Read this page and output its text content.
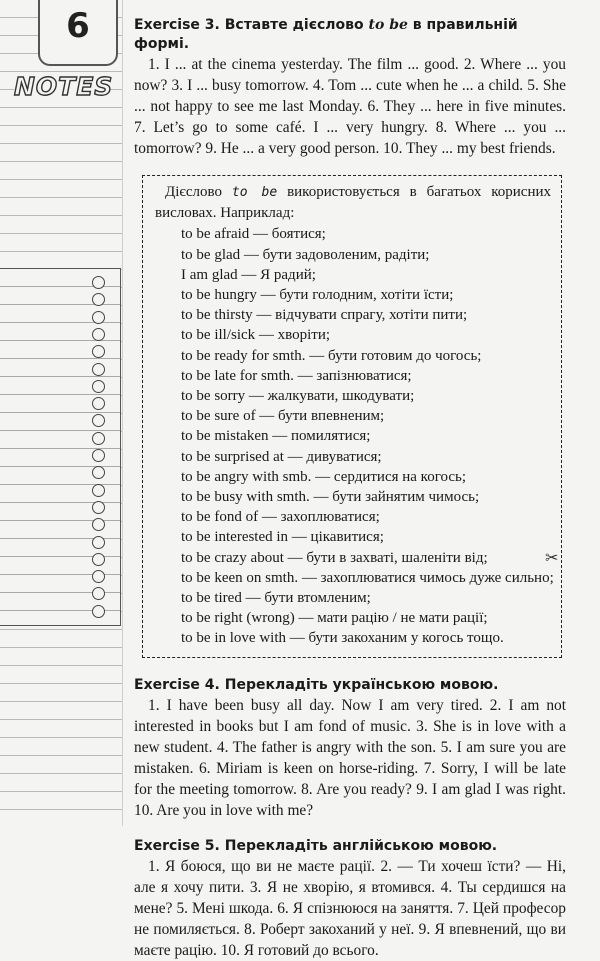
6
NOTES
✂

Exercise 3. Вставте дієслово to be в правильній формі.

1. I ... at the cinema yesterday. The film ... good. 2. Where ... you now? 3. I ... busy tomorrow. 4. Tom ... cute when he ... a child. 5. She ... not happy to see me last Monday. 6. They ... here in five minutes. 7. Let’s go to some café. I ... very hungry. 8. Where ... you ... tomorrow? 9. He ... a very good person. 10. They ... my best friends.

Дієслово to be використовується в багатьох корисних висловах. Наприклад:

to be afraid — боятися;
to be glad — бути задоволеним, радіти;
I am glad — Я радий;
to be hungry — бути голодним, хотіти їсти;
to be thirsty — відчувати спрагу, хотіти пити;
to be ill/sick — хворіти;
to be ready for smth. — бути готовим до чогось;
to be late for smth. — запізнюватися;
to be sorry — жалкувати, шкодувати;
to be sure of — бути впевненим;
to be mistaken — помилятися;
to be surprised at — дивуватися;
to be angry with smb. — сердитися на когось;
to be busy with smth. — бути зайнятим чимось;
to be fond of — захоплюватися;
to be interested in — цікавитися;
to be crazy about — бути в захваті, шаленіти від;
to be keen on smth. — захоплюватися чимось дуже сильно;
to be tired — бути втомленим;
to be right (wrong) — мати рацію / не мати рації;
to be in love with — бути закоханим у когось тощо.

Exercise 4. Перекладіть українською мовою.

1. I have been busy all day. Now I am very tired. 2. I am not interested in books but I am fond of music. 3. She is in love with a new student. 4. The father is angry with the son. 5. I am sure you are mistaken. 6. Miriam is keen on horse-riding. 7. Sorry, I will be late for the meeting tomorrow. 8. Are you ready? 9. I am glad I was right. 10. Are you in love with me?

Exercise 5. Перекладіть англійською мовою.

1. Я боюся, що ви не маєте рації. 2. — Ти хочеш їсти? — Ні, але я хочу пити. 3. Я не хворію, я втомився. 4. Ты сердишся на мене? 5. Мені шкода. 6. Я спізнююся на заняття. 7. Цей професор не помиляється. 8. Роберт закоханий у неї. 9. Я впевнений, що ви маєте рацію. 10. Я готовий до всього.
